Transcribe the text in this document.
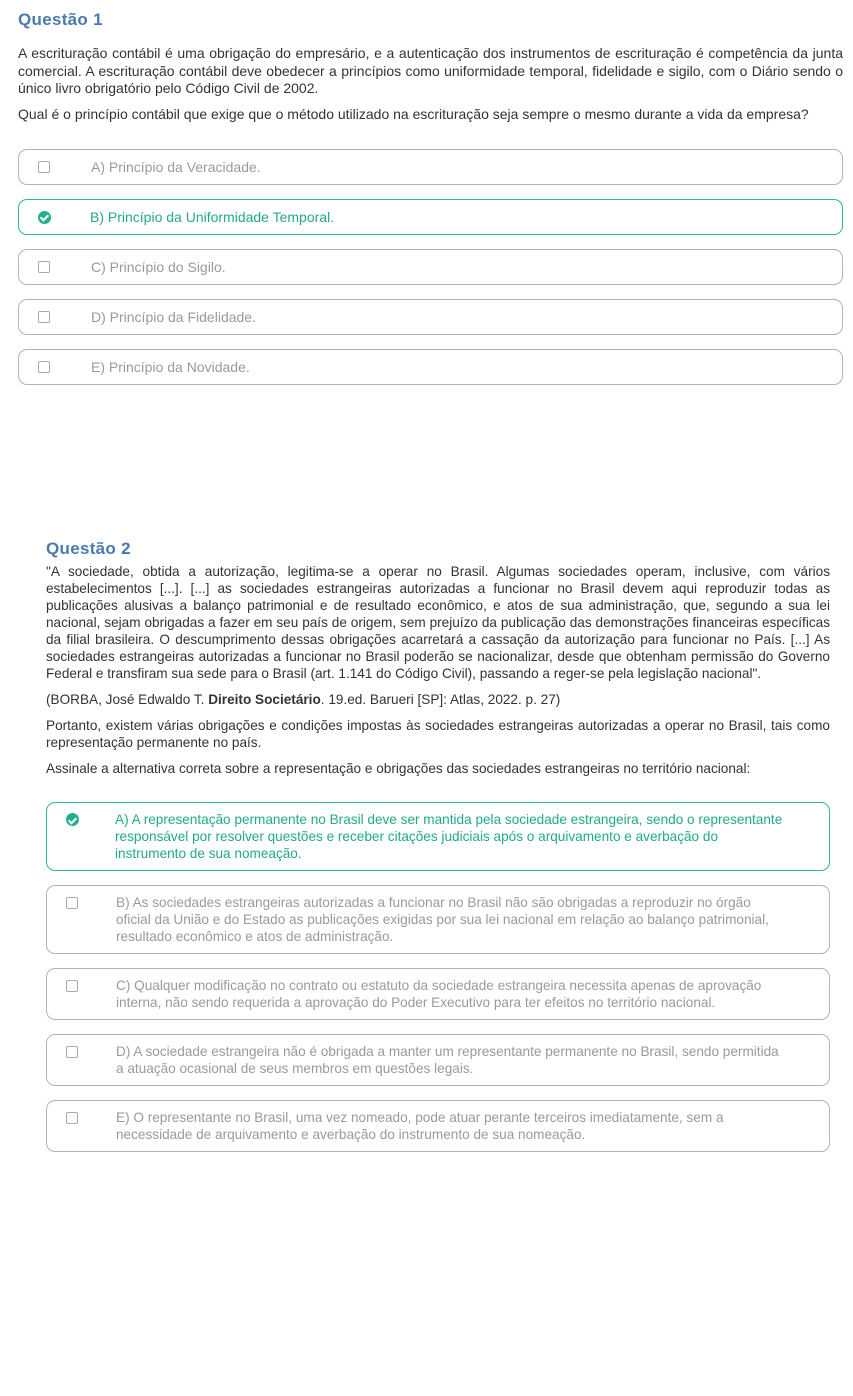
Questão 1

A escrituração contábil é uma obrigação do empresário, e a autenticação dos instrumentos de escrituração é competência da junta comercial. A escrituração contábil deve obedecer a princípios como uniformidade temporal, fidelidade e sigilo, com o Diário sendo o único livro obrigatório pelo Código Civil de 2002.

Qual é o princípio contábil que exige que o método utilizado na escrituração seja sempre o mesmo durante a vida da empresa?

A) Princípio da Veracidade.
B) Princípio da Uniformidade Temporal.
C) Princípio do Sigilo.
D) Princípio da Fidelidade.
E) Princípio da Novidade.
Questão 2

"A sociedade, obtida a autorização, legitima-se a operar no Brasil. Algumas sociedades operam, inclusive, com vários estabelecimentos [...]. [...] as sociedades estrangeiras autorizadas a funcionar no Brasil devem aqui reproduzir todas as publicações alusivas a balanço patrimonial e de resultado econômico, e atos de sua administração, que, segundo a sua lei nacional, sejam obrigadas a fazer em seu país de origem, sem prejuízo da publicação das demonstrações financeiras específicas da filial brasileira. O descumprimento dessas obrigações acarretará a cassação da autorização para funcionar no País. [...] As sociedades estrangeiras autorizadas a funcionar no Brasil poderão se nacionalizar, desde que obtenham permissão do Governo Federal e transfiram sua sede para o Brasil (art. 1.141 do Código Civil), passando a reger-se pela legislação nacional".

(BORBA, José Edwaldo T. Direito Societário. 19.ed. Barueri [SP]: Atlas, 2022. p. 27)

Portanto, existem várias obrigações e condições impostas às sociedades estrangeiras autorizadas a operar no Brasil, tais como representação permanente no país.

Assinale a alternativa correta sobre a representação e obrigações das sociedades estrangeiras no território nacional:

A) A representação permanente no Brasil deve ser mantida pela sociedade estrangeira, sendo o representante responsável por resolver questões e receber citações judiciais após o arquivamento e averbação do instrumento de sua nomeação.
B) As sociedades estrangeiras autorizadas a funcionar no Brasil não são obrigadas a reproduzir no órgão oficial da União e do Estado as publicações exigidas por sua lei nacional em relação ao balanço patrimonial, resultado econômico e atos de administração.
C) Qualquer modificação no contrato ou estatuto da sociedade estrangeira necessita apenas de aprovação interna, não sendo requerida a aprovação do Poder Executivo para ter efeitos no território nacional.
D) A sociedade estrangeira não é obrigada a manter um representante permanente no Brasil, sendo permitida a atuação ocasional de seus membros em questões legais.
E) O representante no Brasil, uma vez nomeado, pode atuar perante terceiros imediatamente, sem a necessidade de arquivamento e averbação do instrumento de sua nomeação.
